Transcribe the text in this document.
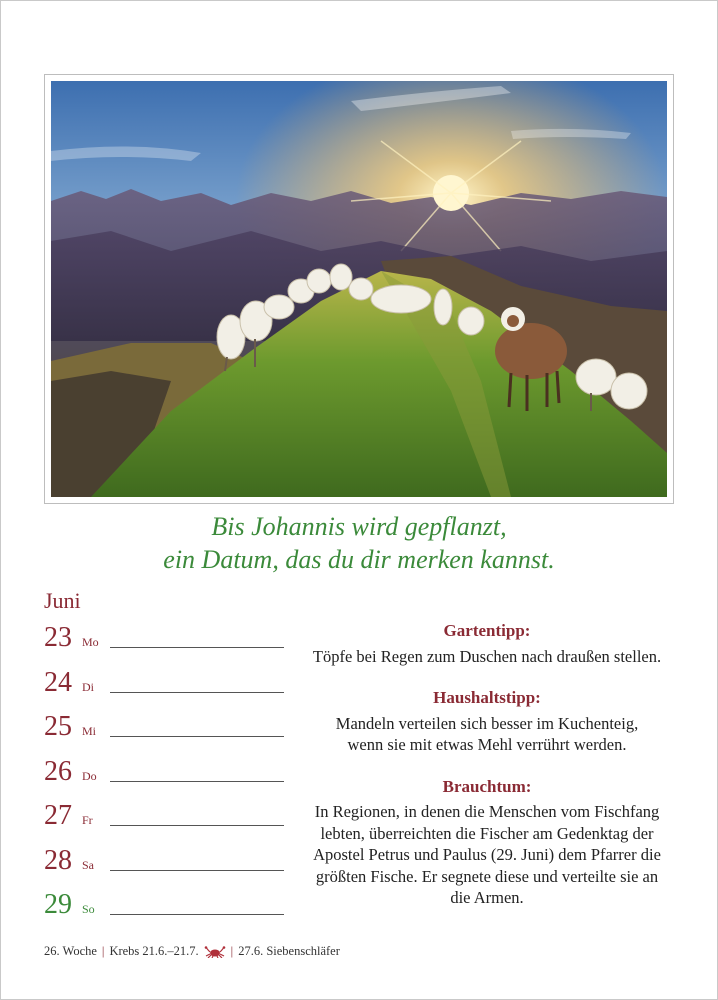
Bis Johannis wird gepflanzt,
ein Datum, das du dir merken kannst.
Juni
23 Mo
24 Di
25 Mi
26 Do
27 Fr
28 Sa
29 So
Gartentipp:
Töpfe bei Regen zum Duschen nach draußen stellen.
Haushaltstipp:
Mandeln verteilen sich besser im Kuchenteig,
wenn sie mit etwas Mehl verrührt werden.
Brauchtum:
In Regionen, in denen die Menschen vom Fischfang
lebten, überreichten die Fischer am Gedenktag der
Apostel Petrus und Paulus (29. Juni) dem Pfarrer die
größten Fische. Er segnete diese und verteilte sie an
die Armen.
26. Woche | Krebs 21.6.–21.7.	| 27.6. Siebenschläfer
